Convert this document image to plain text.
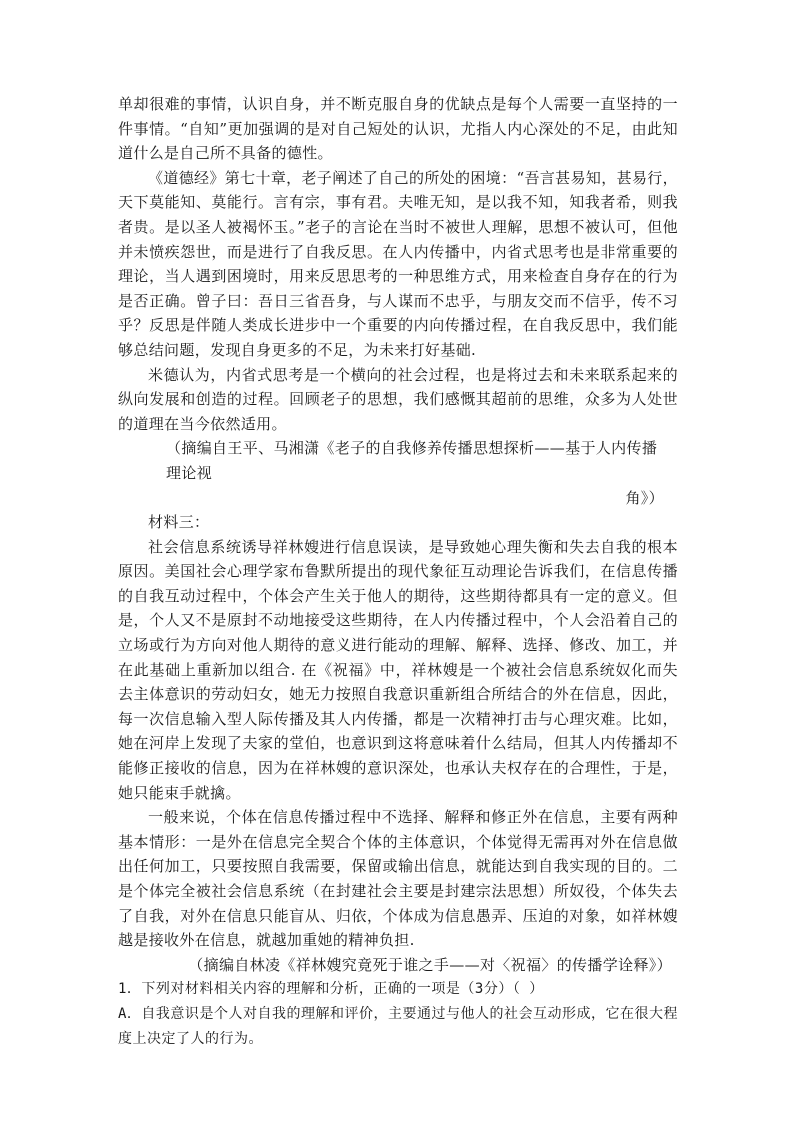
单却很难的事情，认识自身，并不断克服自身的优缺点是每个人需要一直坚持的一件事情。“自知”更加强调的是对自己短处的认识，尤指人内心深处的不足，由此知道什么是自己所不具备的德性。

《道德经》第七十章，老子阐述了自己的所处的困境：“吾言甚易知，甚易行，天下莫能知、莫能行。言有宗，事有君。夫唯无知，是以我不知，知我者希，则我者贵。是以圣人被褐怀玉。”老子的言论在当时不被世人理解，思想不被认可，但他并未愤疾怨世，而是进行了自我反思。在人内传播中，内省式思考也是非常重要的理论，当人遇到困境时，用来反思思考的一种思维方式，用来检查自身存在的行为是否正确。曾子曰：吾日三省吾身，与人谋而不忠乎，与朋友交而不信乎，传不习乎？反思是伴随人类成长进步中一个重要的内向传播过程，在自我反思中，我们能够总结问题，发现自身更多的不足，为未来打好基础.

米德认为，内省式思考是一个横向的社会过程，也是将过去和未来联系起来的纵向发展和创造的过程。回顾老子的思想，我们感慨其超前的思维，众多为人处世的道理在当今依然适用。

（摘编自王平、马湘潇《老子的自我修养传播思想探析——基于人内传播理论视

角》）

材料三：

社会信息系统诱导祥林嫂进行信息误读，是导致她心理失衡和失去自我的根本原因。美国社会心理学家布鲁默所提出的现代象征互动理论告诉我们，在信息传播的自我互动过程中，个体会产生关于他人的期待，这些期待都具有一定的意义。但是，个人又不是原封不动地接受这些期待，在人内传播过程中，个人会沿着自己的立场或行为方向对他人期待的意义进行能动的理解、解释、选择、修改、加工，并在此基础上重新加以组合. 在《祝福》中，祥林嫂是一个被社会信息系统奴化而失去主体意识的劳动妇女，她无力按照自我意识重新组合所结合的外在信息，因此，每一次信息输入型人际传播及其人内传播，都是一次精神打击与心理灾难。比如，她在河岸上发现了夫家的堂伯，也意识到这将意味着什么结局，但其人内传播却不能修正接收的信息，因为在祥林嫂的意识深处，也承认夫权存在的合理性，于是，她只能束手就擒。

一般来说，个体在信息传播过程中不选择、解释和修正外在信息，主要有两种基本情形：一是外在信息完全契合个体的主体意识，个体觉得无需再对外在信息做出任何加工，只要按照自我需要，保留或输出信息，就能达到自我实现的目的。二是个体完全被社会信息系统（在封建社会主要是封建宗法思想）所奴役，个体失去了自我，对外在信息只能盲从、归依，个体成为信息愚弄、压迫的对象，如祥林嫂越是接收外在信息，就越加重她的精神负担.

（摘编自林凌《祥林嫂究竟死于谁之手——对〈祝福〉的传播学诠释》）

1．下列对材料相关内容的理解和分析，正确的一项是（3分）（ ）

A．自我意识是个人对自我的理解和评价，主要通过与他人的社会互动形成，它在很大程度上决定了人的行为。
